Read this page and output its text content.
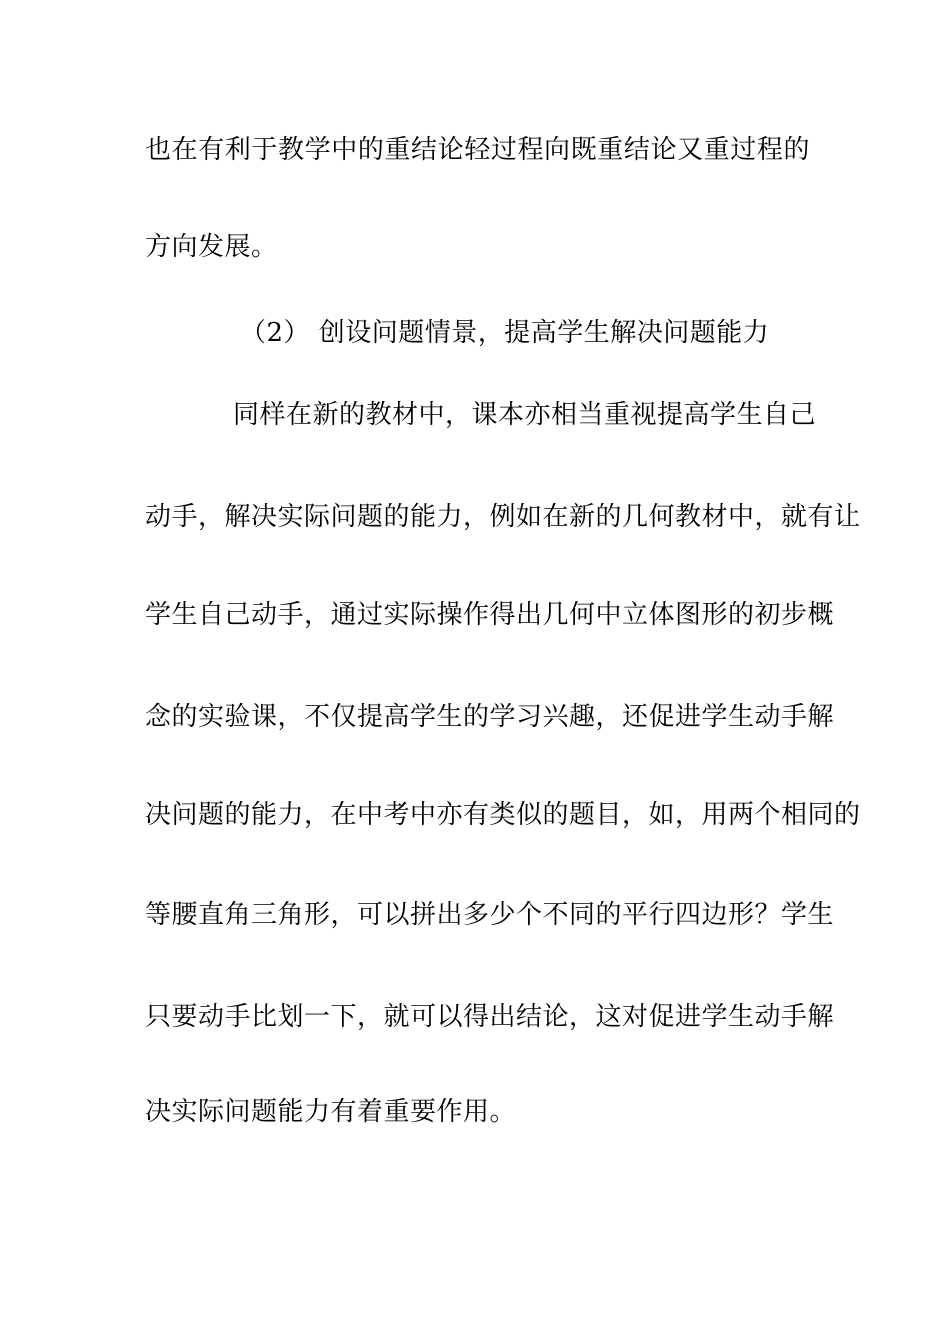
也在有利于教学中的重结论轻过程向既重结论又重过程的
方向发展。
（2） 创设问题情景，提高学生解决问题能力
同样在新的教材中，课本亦相当重视提高学生自己
动手，解决实际问题的能力，例如在新的几何教材中，就有让
学生自己动手，通过实际操作得出几何中立体图形的初步概
念的实验课，不仅提高学生的学习兴趣，还促进学生动手解
决问题的能力，在中考中亦有类似的题目，如，用两个相同的
等腰直角三角形，可以拼出多少个不同的平行四边形？学生
只要动手比划一下，就可以得出结论，这对促进学生动手解
决实际问题能力有着重要作用。
